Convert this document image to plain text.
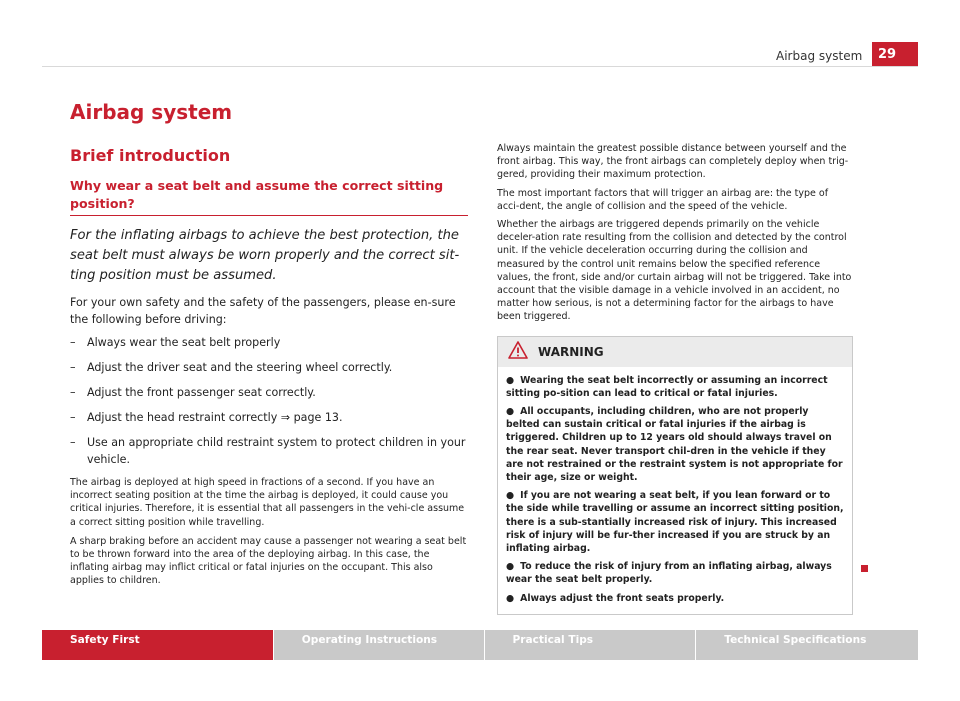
Airbag system	29
Airbag system
Brief introduction
Why wear a seat belt and assume the correct sitting position?

For the inflating airbags to achieve the best protection, the seat belt must always be worn properly and the correct sit-ting position must be assumed.

For your own safety and the safety of the passengers, please en-sure the following before driving:

– Always wear the seat belt properly
– Adjust the driver seat and the steering wheel correctly.
– Adjust the front passenger seat correctly.
– Adjust the head restraint correctly ⇒ page 13.
– Use an appropriate child restraint system to protect children in your vehicle.

The airbag is deployed at high speed in fractions of a second. If you have an incorrect seating position at the time the airbag is deployed, it could cause you critical injuries. Therefore, it is essential that all passengers in the vehi-cle assume a correct sitting position while travelling.

A sharp braking before an accident may cause a passenger not wearing a seat belt to be thrown forward into the area of the deploying airbag. In this case, the inflating airbag may inflict critical or fatal injuries on the occupant. This also applies to children.

Always maintain the greatest possible distance between yourself and the front airbag. This way, the front airbags can completely deploy when trig-gered, providing their maximum protection.

The most important factors that will trigger an airbag are: the type of acci-dent, the angle of collision and the speed of the vehicle.

Whether the airbags are triggered depends primarily on the vehicle deceler-ation rate resulting from the collision and detected by the control unit. If the vehicle deceleration occurring during the collision and measured by the control unit remains below the specified reference values, the front, side and/or curtain airbag will not be triggered. Take into account that the visible damage in a vehicle involved in an accident, no matter how serious, is not a determining factor for the airbags to have been triggered.

WARNING

● Wearing the seat belt incorrectly or assuming an incorrect sitting po-sition can lead to critical or fatal injuries.

● All occupants, including children, who are not properly belted can sustain critical or fatal injuries if the airbag is triggered. Children up to 12 years old should always travel on the rear seat. Never transport chil-dren in the vehicle if they are not restrained or the restraint system is not appropriate for their age, size or weight.

● If you are not wearing a seat belt, if you lean forward or to the side while travelling or assume an incorrect sitting position, there is a sub-stantially increased risk of injury. This increased risk of injury will be fur-ther increased if you are struck by an inflating airbag.

● To reduce the risk of injury from an inflating airbag, always wear the seat belt properly.

● Always adjust the front seats properly.

Safety First	Operating Instructions	Practical Tips	Technical Specifications
